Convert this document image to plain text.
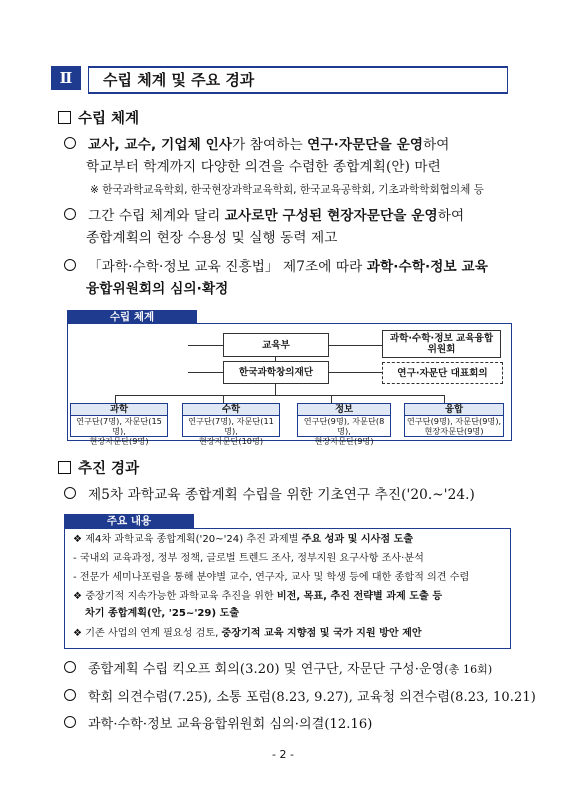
Ⅱ	수립 체계 및 주요 경과
수립 체계
교사, 교수, 기업체 인사가 참여하는 연구·자문단을 운영하여
학교부터 학계까지 다양한 의견을 수렴한 종합계획(안) 마련
※ 한국과학교육학회, 한국현장과학교육학회, 한국교육공학회, 기초과학학회협의체 등
그간 수립 체계와 달리 교사로만 구성된 현장자문단을 운영하여
종합계획의 현장 수용성 및 실행 동력 제고
「과학·수학·정보 교육 진흥법」 제7조에 따라 과학·수학·정보 교육
융합위원회의 심의·확정
수립 체계
교육부
과학·수학·정보 교육융합위원회
한국과학창의재단	연구·자문단 대표회의
과학
연구단(7명), 자문단(15명),
현장자문단(9명)
수학
연구단(7명), 자문단(11명),
현장자문단(10명)
정보
연구단(9명), 자문단(8명),
현장자문단(9명)
융합
연구단(9명), 자문단(9명),
현장자문단(9명)
추진 경과
제5차 과학교육 종합계획 수립을 위한 기초연구 추진('20.~'24.)
주요 내용
❖ 제4차 과학교육 종합계획('20~'24) 추진 과제별 주요 성과 및 시사점 도출
- 국내외 교육과정, 정부 정책, 글로벌 트렌드 조사, 정부지원 요구사항 조사·분석
- 전문가 세미나포럼을 통해 분야별 교수, 연구자, 교사 및 학생 등에 대한 종합적 의견 수렴
❖ 중장기적 지속가능한 과학교육 추진을 위한 비전, 목표, 추진 전략별 과제 도출 등
차기 종합계획(안, '25~'29) 도출
❖ 기존 사업의 연계 필요성 검토, 중장기적 교육 지향점 및 국가 지원 방안 제안
종합계획 수립 킥오프 회의(3.20) 및 연구단, 자문단 구성·운영(총 16회)
학회 의견수렴(7.25), 소통 포럼(8.23, 9.27), 교육청 의견수렴(8.23, 10.21)
과학·수학·정보 교육융합위원회 심의·의결(12.16)
- 2 -
